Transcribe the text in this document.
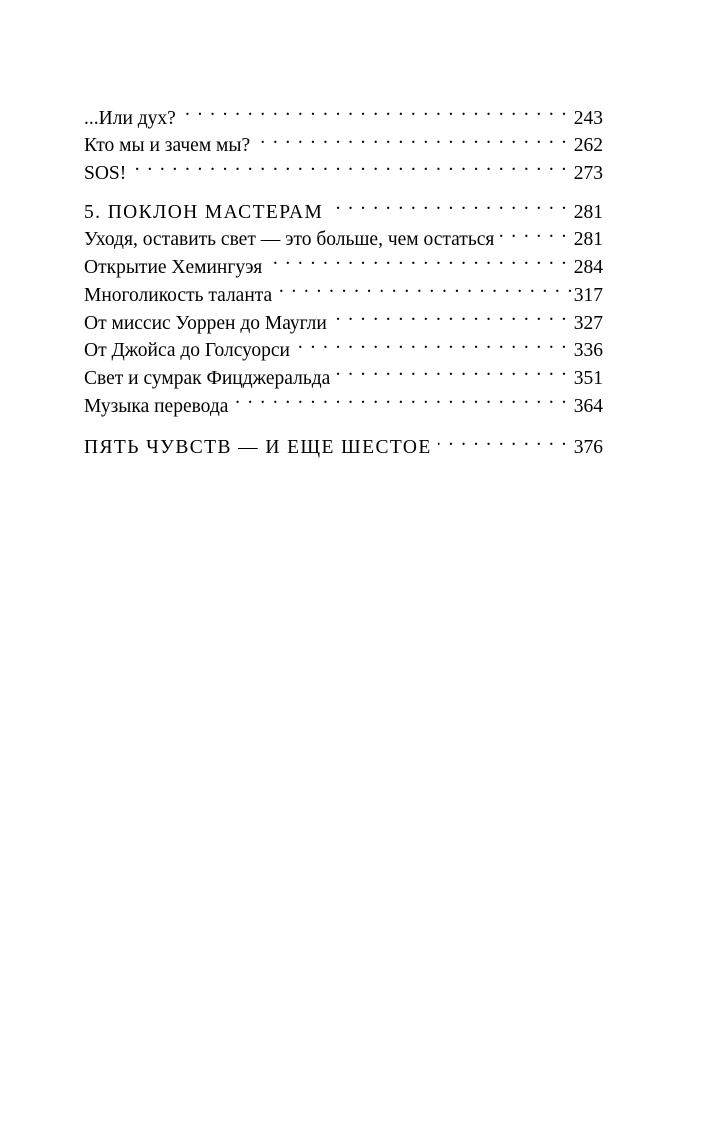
...Или дух? . . .	243
Кто мы и зачем мы? . . .	262
SOS! . . .	273
5. ПОКЛОН МАСТЕРАМ . . .	281
Уходя, оставить свет — это больше, чем остаться . . .	281
Открытие Хемингуэя . . .	284
Многоликость таланта . . .	317
От миссис Уоррен до Маугли . . .	327
От Джойса до Голсуорси . . .	336
Свет и сумрак Фицджеральда . . .	351
Музыка перевода . . .	364
ПЯТЬ ЧУВСТВ — И ЕЩЕ ШЕСТОЕ . . .	376
